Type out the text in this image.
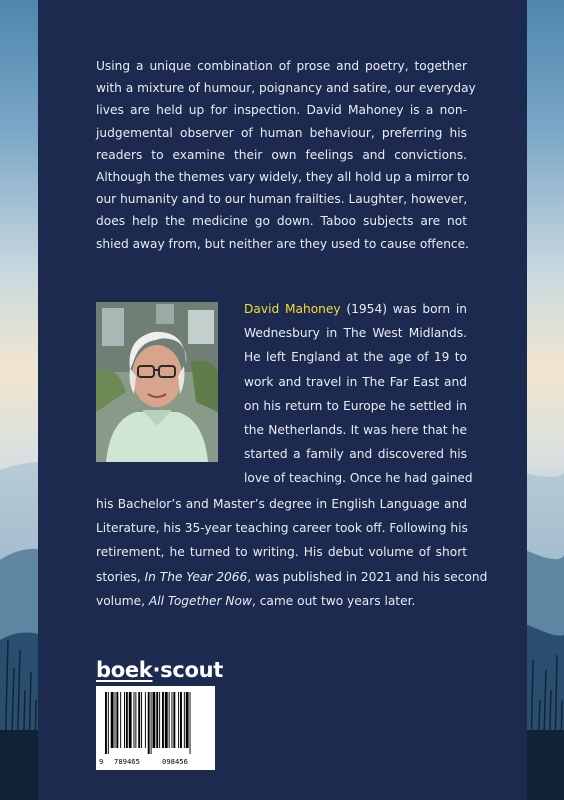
Using a unique combination of prose and poetry, together
with a mixture of humour, poignancy and satire, our everyday
lives are held up for inspection. David Mahoney is a non-
judgemental observer of human behaviour, preferring his
readers to examine their own feelings and convictions.
Although the themes vary widely, they all hold up a mirror to
our humanity and to our human frailties. Laughter, however,
does help the medicine go down. Taboo subjects are not
shied away from, but neither are they used to cause offence.
David Mahoney (1954) was born in
Wednesbury in The West Midlands.
He left England at the age of 19 to
work and travel in The Far East and
on his return to Europe he settled in
the Netherlands. It was here that he
started a family and discovered his
love of teaching. Once he had gained
his Bachelor’s and Master’s degree in English Language and
Literature, his 35-year teaching career took off. Following his
retirement, he turned to writing. His debut volume of short
stories, In The Year 2066, was published in 2021 and his second
volume, All Together Now, came out two years later.
boek·scout
9 789465	098456
